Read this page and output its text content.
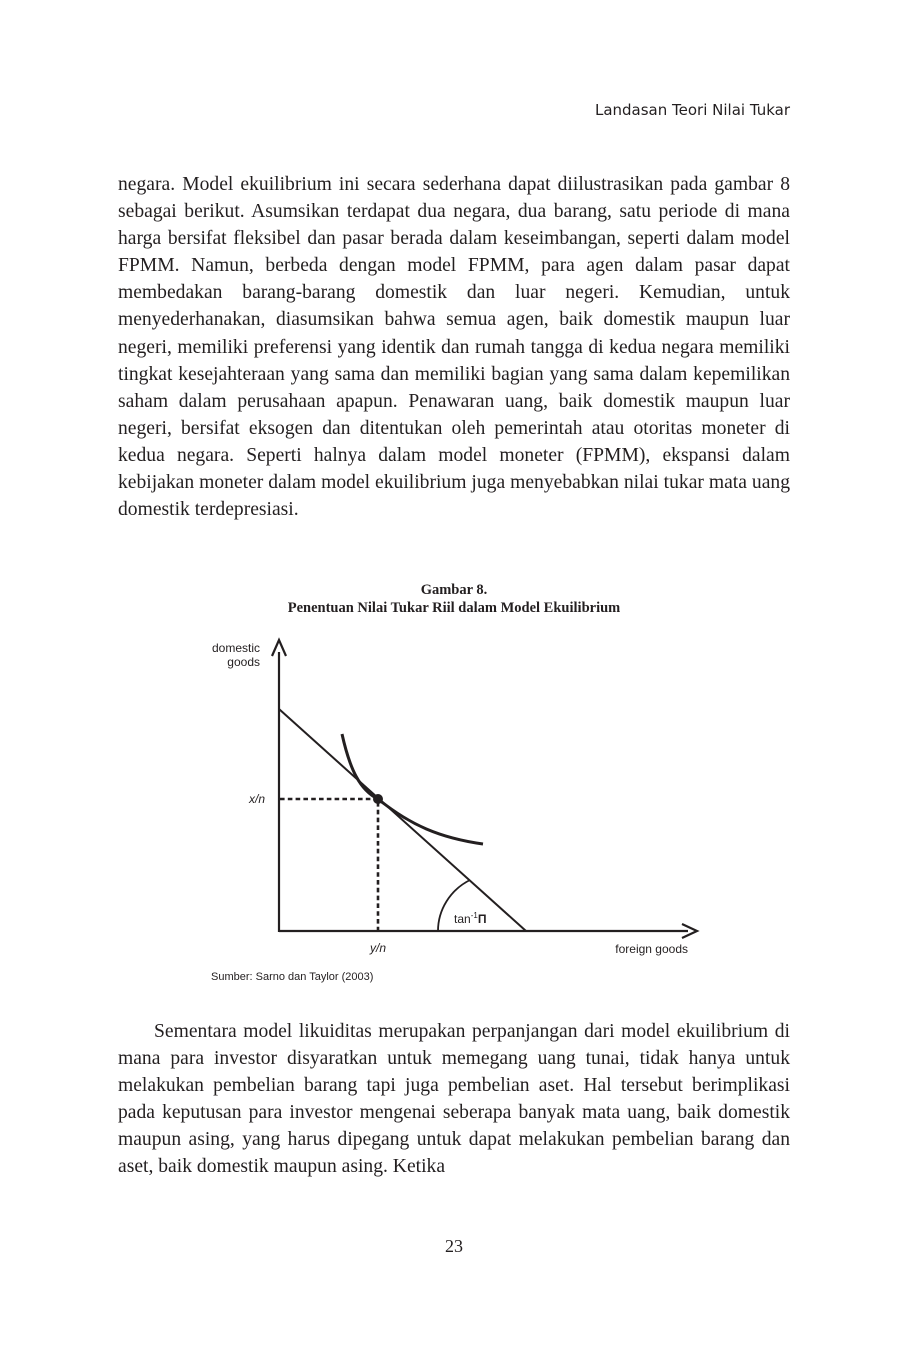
Landasan Teori Nilai Tukar

negara. Model ekuilibrium ini secara sederhana dapat diilustrasikan pada gambar 8 sebagai berikut. Asumsikan terdapat dua negara, dua barang, satu periode di mana harga bersifat fleksibel dan pasar berada dalam keseimbangan, seperti dalam model FPMM. Namun, berbeda dengan model FPMM, para agen dalam pasar dapat membedakan barang-barang domestik dan luar negeri. Kemudian, untuk menyederhanakan, diasumsikan bahwa semua agen, baik domestik maupun luar negeri, memiliki preferensi yang identik dan rumah tangga di kedua negara memiliki tingkat kesejahteraan yang sama dan memiliki bagian yang sama dalam kepemilikan saham dalam perusahaan apapun. Penawaran uang, baik domestik maupun luar negeri, bersifat eksogen dan ditentukan oleh pemerintah atau otoritas moneter di kedua negara. Seperti halnya dalam model moneter (FPMM), ekspansi dalam kebijakan moneter dalam model ekuilibrium juga menyebabkan nilai tukar mata uang domestik terdepresiasi.

Gambar 8.
Penentuan Nilai Tukar Riil dalam Model Ekuilibrium
domestic
goods
x/n
y/n	foreign goods
$\tan^{-1}\Pi$
Sumber: Sarno dan Taylor (2003)

Sementara model likuiditas merupakan perpanjangan dari model ekuilibrium di mana para investor disyaratkan untuk memegang uang tunai, tidak hanya untuk melakukan pembelian barang tapi juga pembelian aset. Hal tersebut berimplikasi pada keputusan para investor mengenai seberapa banyak mata uang, baik domestik maupun asing, yang harus dipegang untuk dapat melakukan pembelian barang dan aset, baik domestik maupun asing. Ketika

23
